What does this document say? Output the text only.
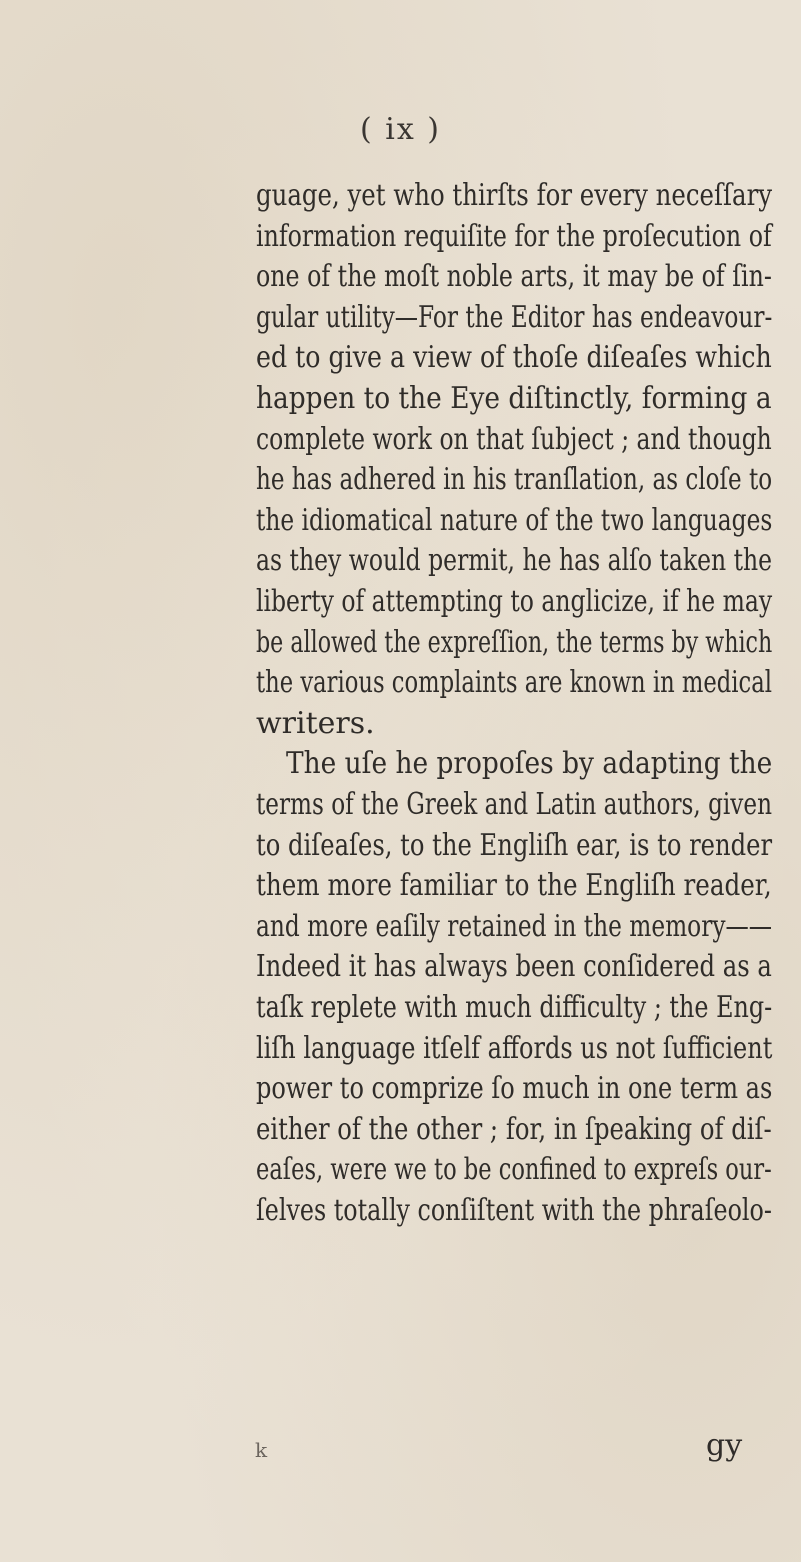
( ix )
guage, yet who thirſts for every neceſſary
information requiſite for the proſecution of
one of the moſt noble arts, it may be of ſin-
gular utility—For the Editor has endeavour-
ed to give a view of thoſe diſeaſes which
happen to the Eye diſtinctly, forming a
complete work on that ſubject ; and though
he has adhered in his tranſlation, as cloſe to
the idiomatical nature of the two languages
as they would permit, he has alſo taken the
liberty of attempting to anglicize, if he may
be allowed the expreſſion, the terms by which
the various complaints are known in medical
writers.
The uſe he propoſes by adapting the
terms of the Greek and Latin authors, given
to diſeaſes, to the Engliſh ear, is to render
them more familiar to the Engliſh reader,
and more eaſily retained in the memory——
Indeed it has always been conſidered as a
taſk replete with much difficulty ; the Eng-
liſh language itſelf affords us not ſufficient
power to comprize ſo much in one term as
either of the other ; for, in ſpeaking of diſ-
eaſes, were we to be confined to expreſs our-
ſelves totally conſiſtent with the phraſeolo-
k	gy
